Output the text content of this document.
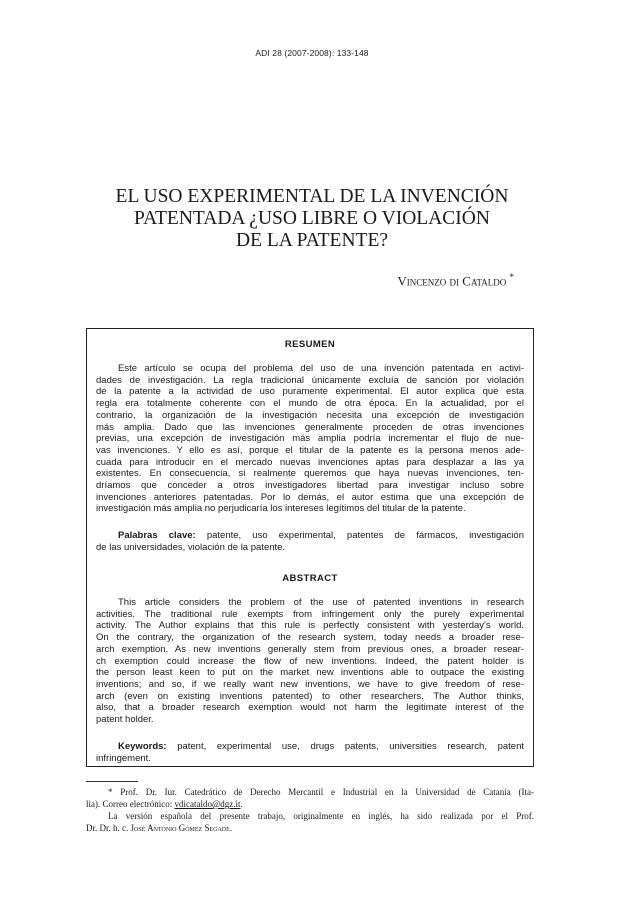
ADI 28 (2007-2008): 133-148
EL USO EXPERIMENTAL DE LA INVENCIÓN
PATENTADA ¿USO LIBRE O VIOLACIÓN
DE LA PATENTE?
Vincenzo di Cataldo *
RESUMEN
Este artículo se ocupa del problema del uso de una invención patentada en activi-
dades de investigación. La regla tradicional únicamente excluía de sanción por violación
de la patente a la actividad de uso puramente experimental. El autor explica que esta
regla era totalmente coherente con el mundo de otra época. En la actualidad, por el
contrario, la organización de la investigación necesita una excepción de investigación
más amplia. Dado que las invenciones generalmente proceden de otras invenciones
previas, una excepción de investigación más amplia podría incrementar el flujo de nue-
vas invenciones. Y ello es así, porque el titular de la patente es la persona menos ade-
cuada para introducir en el mercado nuevas invenciones aptas para desplazar a las ya
existentes. En consecuencia, si realmente queremos que haya nuevas invenciones, ten-
dríamos que conceder a otros investigadores libertad para investigar incluso sobre
invenciones anteriores patentadas. Por lo demás, el autor estima que una excepción de
investigación más amplia no perjudicaría los intereses legítimos del titular de la patente.
Palabras clave: patente, uso experimental, patentes de fármacos, investigación
de las universidades, violación de la patente.
ABSTRACT
This article considers the problem of the use of patented inventions in research
activities. The traditional rule exempts from infringement only the purely experimental
activity. The Author explains that this rule is perfectly consistent with yesterday's world.
On the contrary, the organization of the research system, today needs a broader rese-
arch exemption. As new inventions generally stem from previous ones, a broader resear-
ch exemption could increase the flow of new inventions. Indeed, the patent holder is
the person least keen to put on the market new inventions able to outpace the existing
inventions; and so, if we really want new inventions, we have to give freedom of rese-
arch (even on existing inventions patented) to other researchers. The Author thinks,
also, that a broader research exemption would not harm the legitimate interest of the
patent holder.
Keywords: patent, experimental use, drugs patents, universities research, patent
infringement.
* Prof. Dr. Iur. Catedrático de Derecho Mercantil e Industrial en la Universidad de Catania (Ita-
lia). Correo electrónico: vdicataldo@dgz.it.
La versión española del presente trabajo, originalmente en inglés, ha sido realizada por el Prof.
Dr. Dr. h. c. José Antonio Gómez Segade.
